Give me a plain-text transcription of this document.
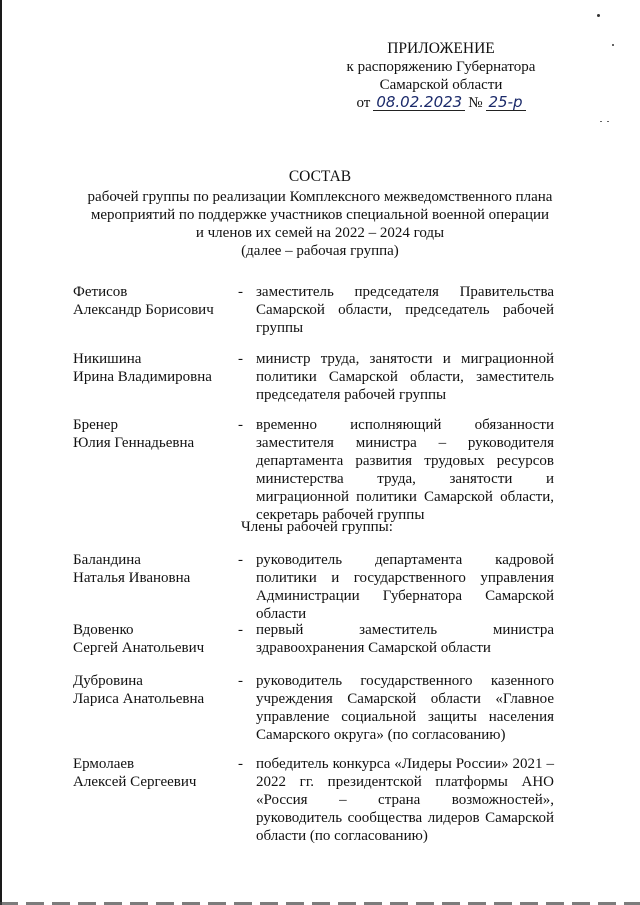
ПРИЛОЖЕНИЕ
к распоряжению Губернатора
Самарской области
от 08.02.2023 № 25-р
СОСТАВ
рабочей группы по реализации Комплексного межведомственного плана
мероприятий по поддержке участников специальной военной операции
и членов их семей на 2022 – 2024 годы
(далее – рабочая группа)
Фетисов
Александр Борисович
- заместитель председателя Правительства Самарской области, председатель рабочей группы
Никишина
Ирина Владимировна
- министр труда, занятости и миграционной политики Самарской области, заместитель председателя рабочей группы
Бренер
Юлия Геннадьевна
- временно исполняющий обязанности заместителя министра – руководителя департамента развития трудовых ресурсов министерства труда, занятости и миграционной политики Самарской области, секретарь рабочей группы
Члены рабочей группы:
Баландина
Наталья Ивановна
- руководитель департамента кадровой политики и государственного управления Администрации Губернатора Самарской области
Вдовенко
Сергей Анатольевич
- первый заместитель министра здравоохранения Самарской области
Дубровина
Лариса Анатольевна
- руководитель государственного казенного учреждения Самарской области «Главное управление социальной защиты населения Самарского округа» (по согласованию)
Ермолаев
Алексей Сергеевич
- победитель конкурса «Лидеры России» 2021 – 2022 гг. президентской платформы АНО «Россия – страна возможностей», руководитель сообщества лидеров Самарской области (по согласованию)
